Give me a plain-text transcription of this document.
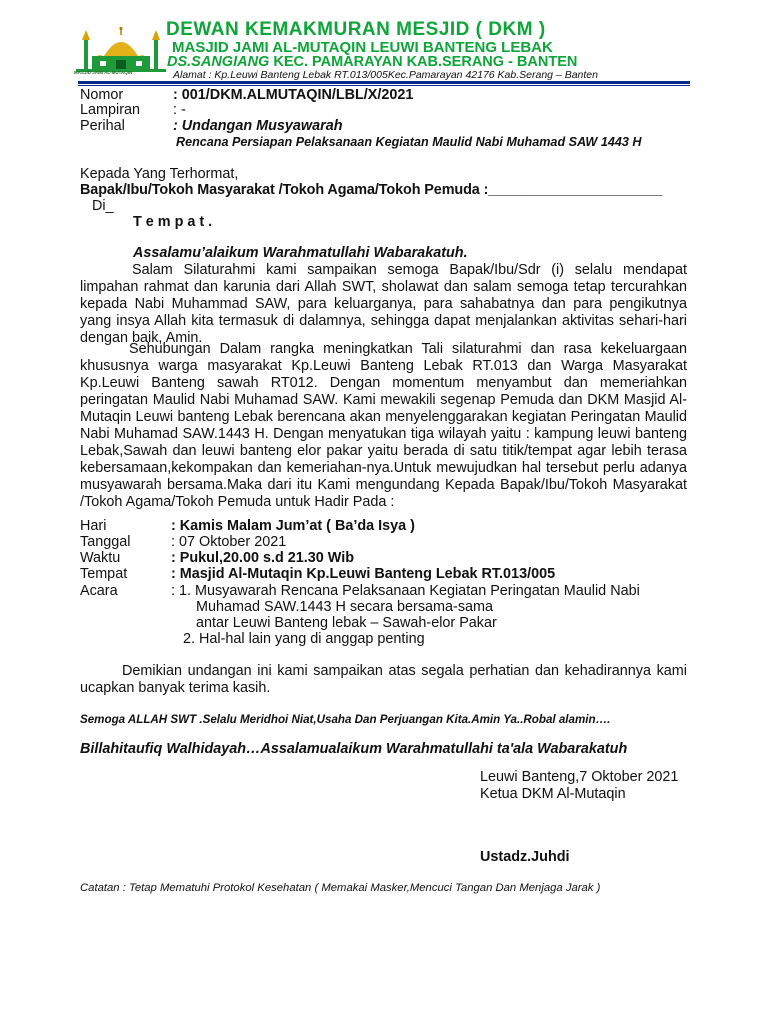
MASJID JAMI AL-MUTAQIN
DEWAN KEMAKMURAN MESJID ( DKM )
MASJID JAMI AL-MUTAQIN LEUWI BANTENG LEBAK
DS.SANGIANG KEC. PAMARAYAN KAB.SERANG - BANTEN
Alamat : Kp.Leuwi Banteng Lebak RT.013/005Kec.Pamarayan 42176 Kab.Serang – Banten
Nomor	: 001/DKM.ALMUTAQIN/LBL/X/2021
Lampiran : -
Perihal	: Undangan Musyawarah
Rencana Persiapan Pelaksanaan Kegiatan Maulid Nabi Muhamad SAW 1443 H
Kepada Yang Terhormat,
Bapak/Ibu/Tokoh Masyarakat /Tokoh Agama/Tokoh Pemuda :______________________
Di_
T e m p a t .
Assalamu’alaikum Warahmatullahi Wabarakatuh.
Salam Silaturahmi kami sampaikan semoga Bapak/Ibu/Sdr (i) selalu mendapat limpahan rahmat dan karunia dari Allah SWT, sholawat dan salam semoga tetap tercurahkan kepada Nabi Muhammad SAW, para keluarganya, para sahabatnya dan para pengikutnya yang insya Allah kita termasuk di dalamnya, sehingga dapat menjalankan aktivitas sehari-hari dengan baik, Amin.
Sehubungan Dalam rangka meningkatkan Tali silaturahmi dan rasa kekeluargaan khususnya warga masyarakat Kp.Leuwi Banteng Lebak RT.013 dan Warga Masyarakat Kp.Leuwi Banteng sawah RT012. Dengan momentum menyambut dan memeriahkan peringatan Maulid Nabi Muhamad SAW. Kami mewakili segenap Pemuda dan DKM Masjid Al-Mutaqin Leuwi banteng Lebak berencana akan menyelenggarakan kegiatan Peringatan Maulid Nabi Muhamad SAW.1443 H. Dengan menyatukan tiga wilayah yaitu : kampung leuwi banteng Lebak,Sawah dan leuwi banteng elor pakar yaitu berada di satu titik/tempat agar lebih terasa kebersamaan,kekompakan dan kemeriahan-nya.Untuk mewujudkan hal tersebut perlu adanya musyawarah bersama.Maka dari itu Kami mengundang Kepada Bapak/Ibu/Tokoh Masyarakat /Tokoh Agama/Tokoh Pemuda untuk Hadir Pada :
Hari	: Kamis Malam Jum’at ( Ba’da Isya )
Tanggal	: 07 Oktober 2021
Waktu	: Pukul,20.00 s.d 21.30 Wib
Tempat	: Masjid Al-Mutaqin Kp.Leuwi Banteng Lebak RT.013/005
Acara	: 1. Musyawarah Rencana Pelaksanaan Kegiatan Peringatan Maulid Nabi
Muhamad SAW.1443 H secara bersama-sama
antar Leuwi Banteng lebak – Sawah-elor Pakar
2. Hal-hal lain yang di anggap penting
Demikian undangan ini kami sampaikan atas segala perhatian dan kehadirannya kami ucapkan banyak terima kasih.
Semoga ALLAH SWT .Selalu Meridhoi Niat,Usaha Dan Perjuangan Kita.Amin Ya..Robal alamin….
Billahitaufiq Walhidayah…Assalamualaikum Warahmatullahi ta'ala Wabarakatuh
Leuwi Banteng,7 Oktober 2021
Ketua DKM Al-Mutaqin
Ustadz.Juhdi
Catatan : Tetap Mematuhi Protokol Kesehatan ( Memakai Masker,Mencuci Tangan Dan Menjaga Jarak )
